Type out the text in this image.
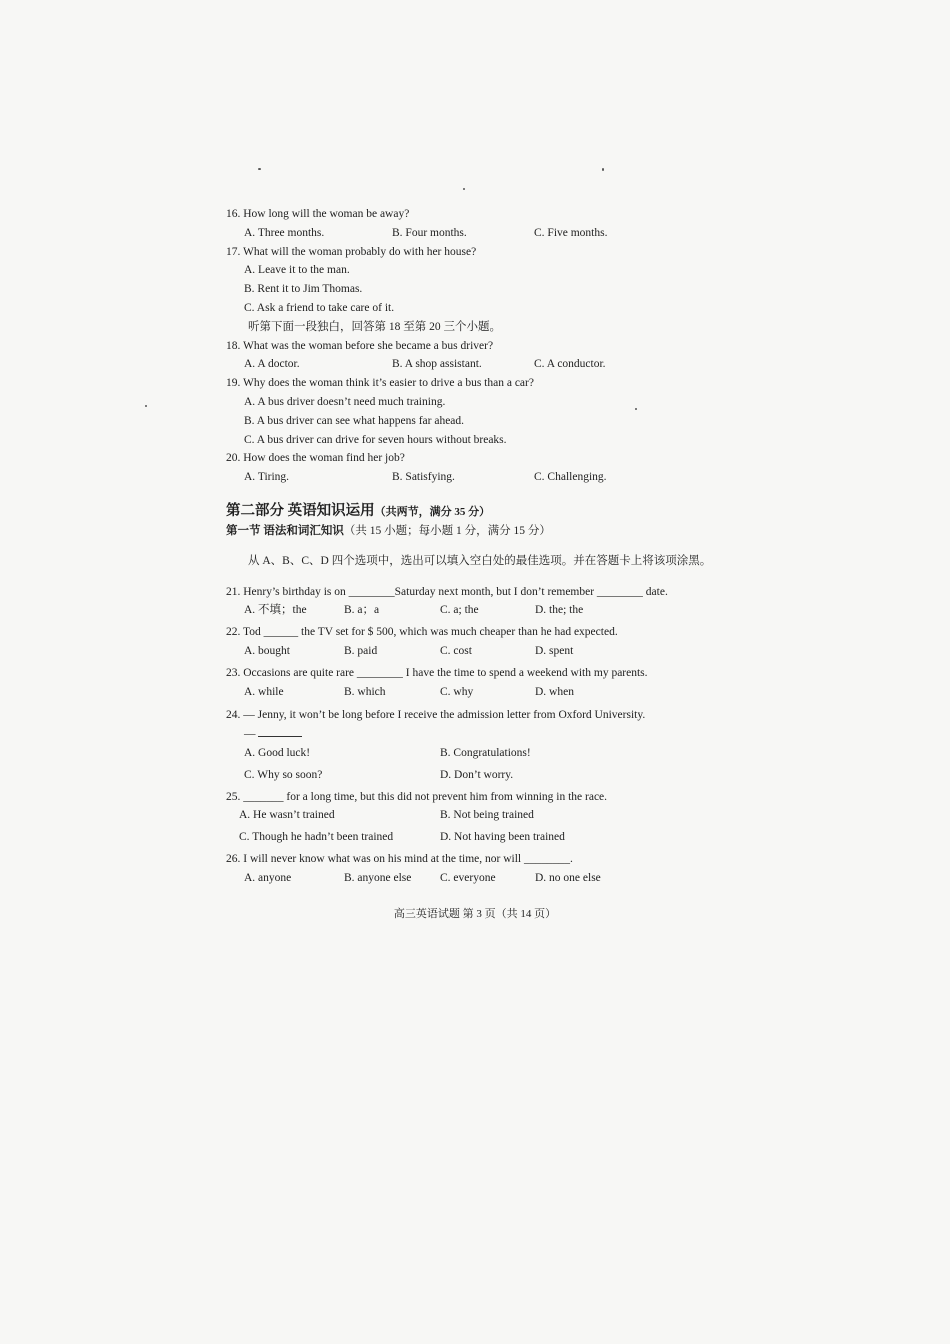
16. How long will the woman be away?

A. Three months.	B. Four months.	C. Five months.

17. What will the woman probably do with her house?

A. Leave it to the man.

B. Rent it to Jim Thomas.

C. Ask a friend to take care of it.

听第下面一段独白，回答第 18 至第 20 三个小题。

18. What was the woman before she became a bus driver?

A. A doctor.	B. A shop assistant.	C. A conductor.

19. Why does the woman think it’s easier to drive a bus than a car?

A. A bus driver doesn’t need much training.

B. A bus driver can see what happens far ahead.

C. A bus driver can drive for seven hours without breaks.

20. How does the woman find her job?

A. Tiring.	B. Satisfying.	C. Challenging.
第二部分 英语知识运用（共两节，满分 35 分）
第一节 语法和词汇知识（共 15 小题；每小题 1 分，满分 15 分）

从 A、B、C、D 四个选项中，选出可以填入空白处的最佳选项。并在答题卡上将该项涂黑。

21. Henry’s birthday is on ________Saturday next month, but I don’t remember ________ date.

A. 不填；the	B. a；a	C. a; the	D. the; the

22. Tod ______ the TV set for $ 500, which was much cheaper than he had expected.

A. bought	B. paid	C. cost	D. spent

23. Occasions are quite rare ________ I have the time to spend a weekend with my parents.

A. while	B. which	C. why	D. when

24. — Jenny, it won’t be long before I receive the admission letter from Oxford University.

—

A. Good luck!	B. Congratulations!
C. Why so soon?	D. Don’t worry.

25. _______ for a long time, but this did not prevent him from winning in the race.

A. He wasn’t trained	B. Not being trained
C. Though he hadn’t been trained	D. Not having been trained

26. I will never know what was on his mind at the time, nor will ________.

A. anyone	B. anyone else	C. everyone	D. no one else
高三英语试题 第 3 页（共 14 页）
